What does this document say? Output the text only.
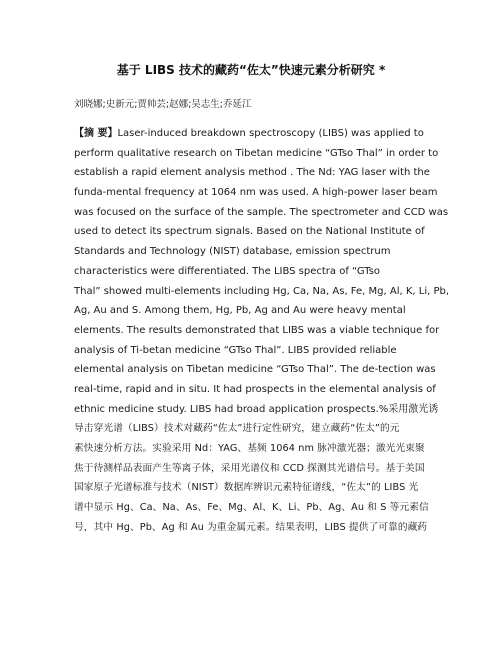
基于 LIBS 技术的藏药“佐太”快速元素分析研究 *
刘晓娜;史新元;贾帅芸;赵娜;吴志生;乔延江
【摘 要】Laser-induced breakdown spectroscopy (LIBS) was applied to
perform qualitative research on Tibetan medicine “GTso Thal” in order to
establish a rapid element analysis method . The Nd: YAG laser with the
funda-mental frequency at 1064 nm was used. A high-power laser beam
was focused on the surface of the sample. The spectrometer and CCD was
used to detect its spectrum signals. Based on the National Institute of
Standards and Technology (NIST) database, emission spectrum
characteristics were differentiated. The LIBS spectra of “GTso
Thal” showed multi-elements including Hg, Ca, Na, As, Fe, Mg, Al, K, Li, Pb,
Ag, Au and S. Among them, Hg, Pb, Ag and Au were heavy mental
elements. The results demonstrated that LIBS was a viable technique for
analysis of Ti-betan medicine “GTso Thal”. LIBS provided reliable
elemental analysis on Tibetan medicine “GTso Thal”. The de-tection was
real-time, rapid and in situ. It had prospects in the elemental analysis of
ethnic medicine study. LIBS had broad application prospects.%采用激光诱
导击穿光谱（LIBS）技术对藏药“佐太”进行定性研究，建立藏药“佐太”的元
素快速分析方法。实验采用 Nd：YAG、基频 1064 nm 脉冲激光器；激光光束聚
焦于待测样品表面产生等离子体，采用光谱仪和 CCD 探测其光谱信号。基于美国
国家原子光谱标准与技术（NIST）数据库辨识元素特征谱线，“佐太”的 LIBS 光
谱中显示 Hg、Ca、Na、As、Fe、Mg、Al、K、Li、Pb、Ag、Au 和 S 等元素信
号，其中 Hg、Pb、Ag 和 Au 为重金属元素。结果表明，LIBS 提供了可靠的藏药
